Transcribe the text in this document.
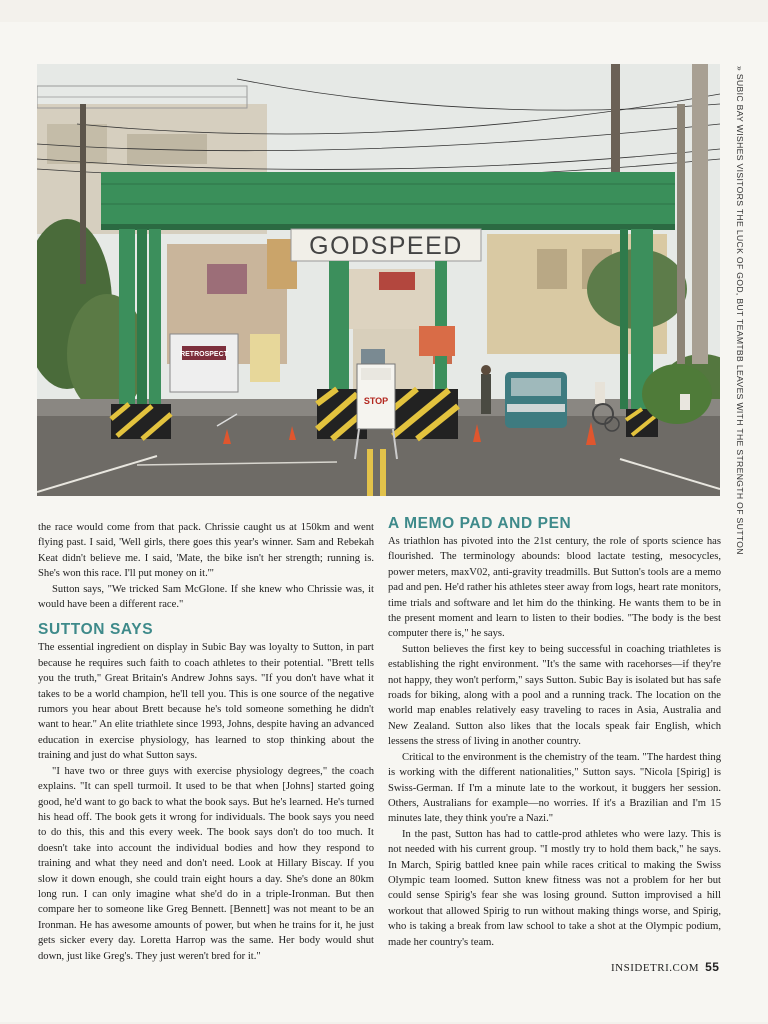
RETROSPECT
GODSPEED
STOP	» SUBIC BAY WISHES VISITORS THE LUCK OF GOD, BUT TEAMTBB LEAVES WITH THE STRENGTH OF SUTTON

the race would come from that pack. Chrissie caught us at 150km and went flying past. I said, 'Well girls, there goes this year's winner. Sam and Rebekah Keat didn't believe me. I said, 'Mate, the bike isn't her strength; running is. She's won this race. I'll put money on it.'"

Sutton says, "We tricked Sam McGlone. If she knew who Chrissie was, it would have been a different race."

SUTTON SAYS

The essential ingredient on display in Subic Bay was loyalty to Sutton, in part because he requires such faith to coach athletes to their potential. "Brett tells you the truth," Great Britain's Andrew Johns says. "If you don't have what it takes to be a world champion, he'll tell you. This is one source of the negative rumors you hear about Brett because he's told someone something he didn't want to hear." An elite triathlete since 1993, Johns, despite having an advanced education in exercise physiology, has learned to stop thinking about the training and just do what Sutton says.

"I have two or three guys with exercise physiology degrees," the coach explains. "It can spell turmoil. It used to be that when [Johns] started going good, he'd want to go back to what the book says. But he's learned. He's turned his head off. The book gets it wrong for individuals. The book says you need to do this, this and this every week. The book says don't do too much. It doesn't take into account the individual bodies and how they respond to training and what they need and don't need. Look at Hillary Biscay. If you slow it down enough, she could train eight hours a day. She's done an 80km long run. I can only imagine what she'd do in a triple-Ironman. But then compare her to someone like Greg Bennett. [Bennett] was not meant to be an Ironman. He has awesome amounts of power, but when he trains for it, he just gets sicker every day. Loretta Harrop was the same. Her body would shut down, just like Greg's. They just weren't bred for it."

A MEMO PAD AND PEN

As triathlon has pivoted into the 21st century, the role of sports science has flourished. The terminology abounds: blood lactate testing, mesocycles, power meters, maxV02, anti-gravity treadmills. But Sutton's tools are a memo pad and pen. He'd rather his athletes steer away from logs, heart rate monitors, time trials and software and let him do the thinking. He wants them to be in the present moment and learn to listen to their bodies. "The body is the best computer there is," he says.

Sutton believes the first key to being successful in coaching triathletes is establishing the right environment. "It's the same with racehorses—if they're not happy, they won't perform," says Sutton. Subic Bay is isolated but has safe roads for biking, along with a pool and a running track. The location on the world map enables relatively easy traveling to races in Asia, Australia and New Zealand. Sutton also likes that the locals speak fair English, which lessens the stress of living in another country.

Critical to the environment is the chemistry of the team. "The hardest thing is working with the different nationalities," Sutton says. "Nicola [Spirig] is Swiss-German. If I'm a minute late to the workout, it buggers her session. Others, Australians for example—no worries. If it's a Brazilian and I'm 15 minutes late, they think you're a Nazi."

In the past, Sutton has had to cattle-prod athletes who were lazy. This is not needed with his current group. "I mostly try to hold them back," he says. In March, Spirig battled knee pain while races critical to making the Swiss Olympic team loomed. Sutton knew fitness was not a problem for her but could sense Spirig's fear she was losing ground. Sutton improvised a hill workout that allowed Spirig to run without making things worse, and Spirig, who is taking a break from law school to take a shot at the Olympic podium, made her country's team.

INSIDETRI.COM 55
